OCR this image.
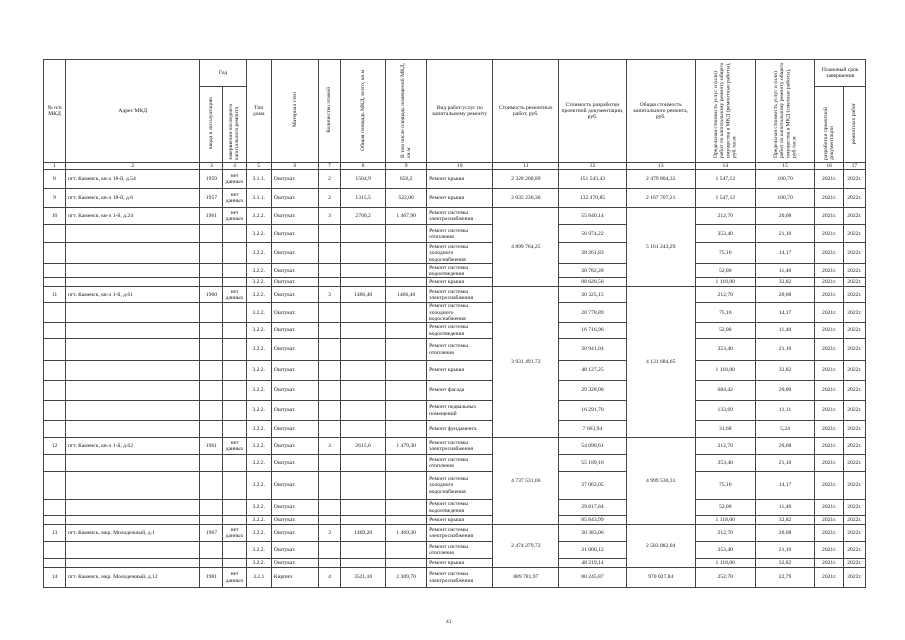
№ п/п МКД	Адрес МКД	Год		Тип дома	Материал стен	Количество этажей	Общая площадь МКД, всего, кв.м	В том числе площадь помещений МКД, кв.м	Вид работ/услуг по капитальному ремонту	Стоимость ремонтных работ, руб.	Стоимость разработки проектной документации, руб.	Общая стоимость капитального ремонта, руб.	Предельная стоимость услуг и (или) работ по капитальному ремонту общего имущества в МКД (ремонтные работы), руб./кв.м	Предельная стоимость услуг и (или) работ по капитальному ремонту общего имущества в МКД (сметные работы), руб./кв.м	Плановый срок завершения	
		ввода в эксплуатацию	завершения последнего капитального ремонта												разработки проектной документации	ремонтных работ
1	2	3	4	5	6	7	8	9	10	11	12	13	14	15	16	17
8	пгт. Каменск, кв-л 18-й, д.54	1959	нет данных	3.1.1.	Оштукат.	2	1504,9	656,2	Ремонт крыши	2 328 260,89	151 543,43	2 479 804,32	1 547,12	100,70	2021г.	2022г.
9	пгт. Каменск, кв-л 18-й, д.6	1957	нет данных	3.1.1.	Оштукат.	2	1315,5	522,00	Ремонт крыши	2 035 236,36	132 470,85	2 167 707,21	1 547,12	100,70	2021г.	2022г.
10	пгт. Каменск, кв-л 1-й, д.24	1961	нет данных	3.2.2.	Оштукат.	3	2700,2	1 467,90	Ремонт системы электроснабжения	4 899 764,25	55 840,14	5 161 243,29	212,70	20,68	2021г.	2022г.
				3.2.2.	Оштукат.				Ремонт системы отопления		56 974,22		353,40	21,10	2021г.	2022г.
				3.2.2.	Оштукат.				Ремонт системы холодного водоснабжения		38 261,83		75,16	14,17	2021г.	2022г.
				3.2.2.	Оштукат.				Ремонт системы водоотведения		30 782,28		52,00	11,40	2021г.	2022г.
				3.2.2.	Оштукат.				Ремонт крыши		88 620,56		1 118,00	32,82	2021г.	2022г.
11	пгт. Каменск, кв-л 1-й, д.61	1960	нет данных	3.2.2.	Оштукат.	3	1466,40	1466,40	Ремонт системы электроснабжения	3 931 491,72	30 325,15	4 131 684,65	212,70	20,68	2021г.	2022г.
				3.2.2.	Оштукат.				Ремонт системы холодного водоснабжения		20 778,89		75,16	14,17	2021г.	2022г.
				3.2.2.	Оштукат.				Ремонт системы водоотведения		16 716,96		52,00	11,40	2021г.	2022г.
				3.2.2.	Оштукат.				Ремонт системы отопления		30 941,04		353,40	21,10	2021г.	2022г.
				3.2.2.	Оштукат.				Ремонт крыши		48 127,25		1 118,00	32,82	2021г.	2022г.
				3.2.2.	Оштукат.				Ремонт фасада		29 328,00		684,42	20,00	2021г.	2022г.
				3.2.2.	Оштукат.				Ремонт подвальных помещений		16 291,70		133,69	11,11	2021г.	2022г.
				3.2.2.	Оштукат.				Ремонт фундамента		7 663,94		31,68	5,24	2021г.	2022г.
12	пгт. Каменск, кв-л 1-й, д.62	1961	нет данных	3.2.2.	Оштукат.	3	2615,6	1 479,30	Ремонт системы электроснабжения	4 737 531,66	54 090,61	4 999 530,31	212,70	20,68	2021г.	2022г.
				3.2.2.	Оштукат.				Ремонт системы отопления		55 189,16		353,40	21,10	2021г.	2022г.
				3.2.2.	Оштукат.				Ремонт системы холодного водоснабжения		37 063,05		75,16	14,17	2021г.	2022г.
				3.2.2.	Оштукат.				Ремонт системы водоотведения		29 817,84		52,00	11,40	2021г.	2022г.
				3.2.2.	Оштукат.				Ремонт крыши		85 843,99		1 118,00	32,82	2021г.	2022г.
13	пгт. Каменск, мкр. Молодежный, д.1	1967	нет данных	3.2.2.	Оштукат.	3	1469,20	1 469,30	Ремонт системы электроснабжения	2 474 279,72	30 383,06	2 583 882,04	212,70	20,68	2021г.	2022г.
				3.2.2.	Оштукат.				Ремонт системы отопления		31 000,12		353,40	21,10	2021г.	2022г.
				3.2.2.	Оштукат.				Ремонт крыши		48 219,14		1 118,00	32,82	2021г.	2022г.
14	пгт. Каменск, мкр. Молодежный, д.12	1981	нет данных	3.2.1	Кирпич	4	3521,10	2 309,70	Ремонт системы электроснабжения	889 781,97	80 245,87	970 027,84	252,70	22,79	2021г.	2022г.
41
